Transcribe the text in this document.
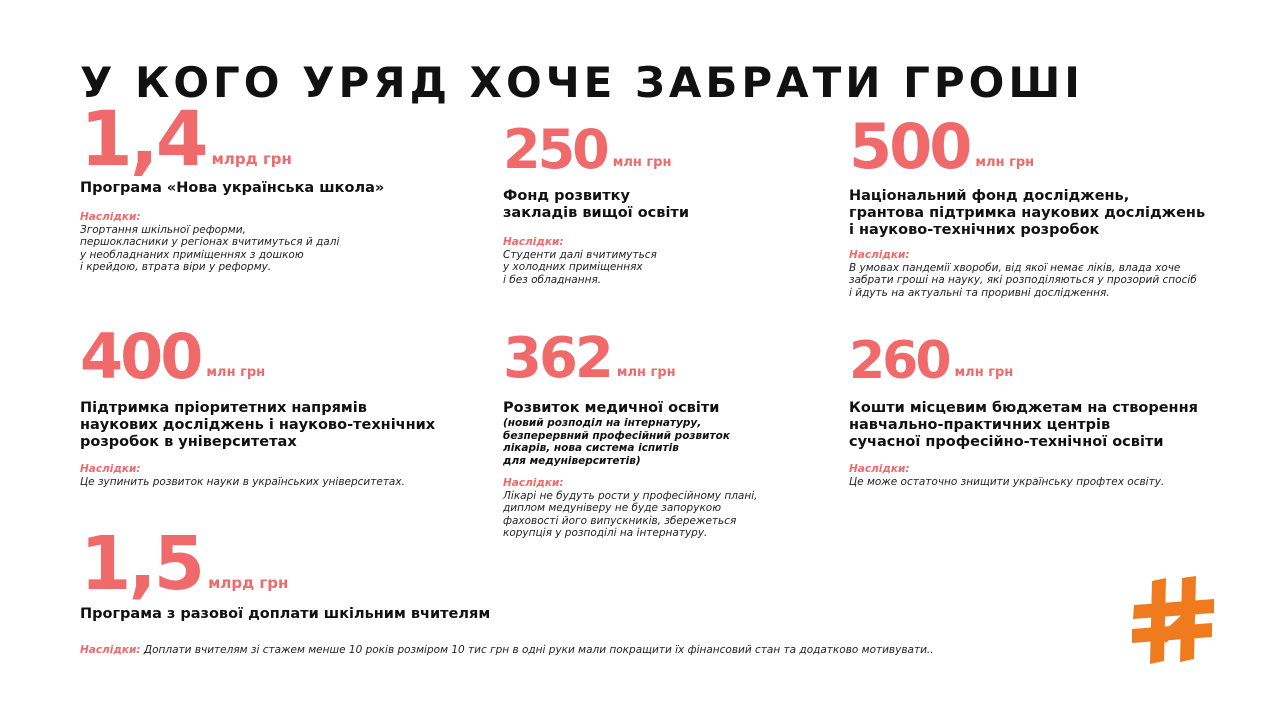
У КОГО УРЯД ХОЧЕ ЗАБРАТИ ГРОШІ
1,4 млрд грн
Програма «Нова українська школа»
Наслідки:
Згортання шкільної реформи,
першокласники у регіонах вчитимуться й далі
у необладнаних приміщеннях з дошкою
і крейдою, втрата віри у реформу.
250 млн грн
Фонд розвитку
закладів вищої освіти
Наслідки:
Студенти далі вчитимуться
у холодних приміщеннях
і без обладнання.
500 млн грн
Національний фонд досліджень,
грантова підтримка наукових досліджень
і науково-технічних розробок
Наслідки:
В умовах пандемії хвороби, від якої немає ліків, влада хоче
забрати гроші на науку, які розподіляються у прозорий спосіб
і йдуть на актуальні та проривні дослідження.
400 млн грн
Підтримка пріоритетних напрямів
наукових досліджень і науково-технічних
розробок в університетах
Наслідки:
Це зупинить розвиток науки в українських університетах.
362 млн грн
Розвиток медичної освіти
(новий розподіл на інтернатуру,
безперервний професійний розвиток
лікарів, нова система іспитів
для медуніверситетів)
Наслідки:
Лікарі не будуть рости у професійному плані,
диплом медуніверу не буде запорукою
фаховості його випускників, збережеться
корупція у розподілі на інтернатуру.
260 млн грн
Кошти місцевим бюджетам на створення
навчально-практичних центрів
сучасної професійно-технічної освіти
Наслідки:
Це може остаточно знищити українську профтех освіту.
1,5 млрд грн
Програма з разової доплати шкільним вчителям
Наслідки: Доплати вчителям зі стажем менше 10 років розміром 10 тис грн в одні руки мали покращити їх фінансовий стан та додатково мотивувати..
